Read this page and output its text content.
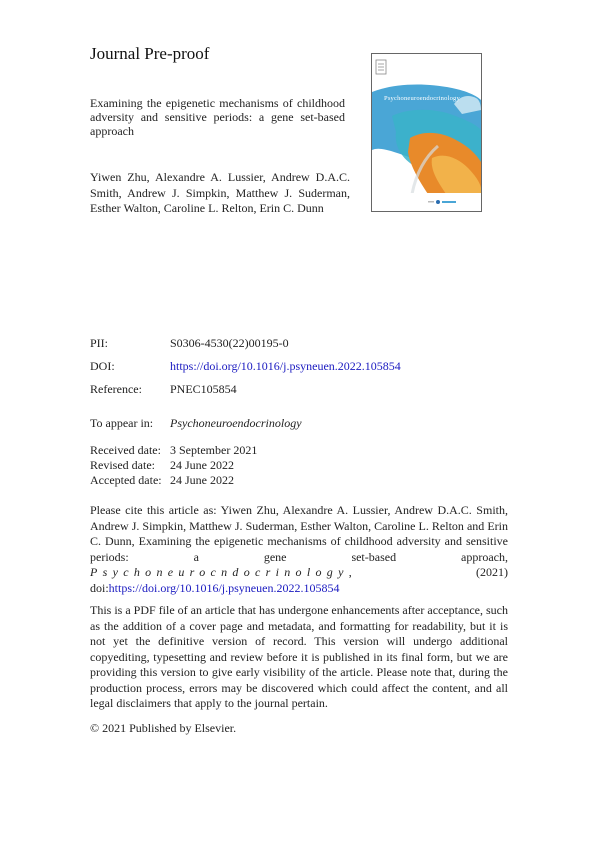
Journal Pre-proof
Examining the epigenetic mechanisms of childhood adversity and sensitive periods: a gene set-based approach
Yiwen Zhu, Alexandre A. Lussier, Andrew D.A.C. Smith, Andrew J. Simpkin, Matthew J. Suderman, Esther Walton, Caroline L. Relton, Erin C. Dunn
Psychoneuroendocrinology
PII:	S0306-4530(22)00195-0
DOI:	https://doi.org/10.1016/j.psyneuen.2022.105854
Reference: PNEC105854
To appear in: Psychoneuroendocrinology
Received date: 3 September 2021
Revised date: 24 June 2022
Accepted date: 24 June 2022
Please cite this article as: Yiwen Zhu, Alexandre A. Lussier, Andrew D.A.C. Smith, Andrew J. Simpkin, Matthew J. Suderman, Esther Walton, Caroline L. Relton and Erin C. Dunn, Examining the epigenetic mechanisms of childhood adversity and sensitive periods: a gene set-based approach, Psychoneurocndocrinology, (2021) doi:https://doi.org/10.1016/j.psyneuen.2022.105854
This is a PDF file of an article that has undergone enhancements after acceptance, such as the addition of a cover page and metadata, and formatting for readability, but it is not yet the definitive version of record. This version will undergo additional copyediting, typesetting and review before it is published in its final form, but we are providing this version to give early visibility of the article. Please note that, during the production process, errors may be discovered which could affect the content, and all legal disclaimers that apply to the journal pertain.
© 2021 Published by Elsevier.
